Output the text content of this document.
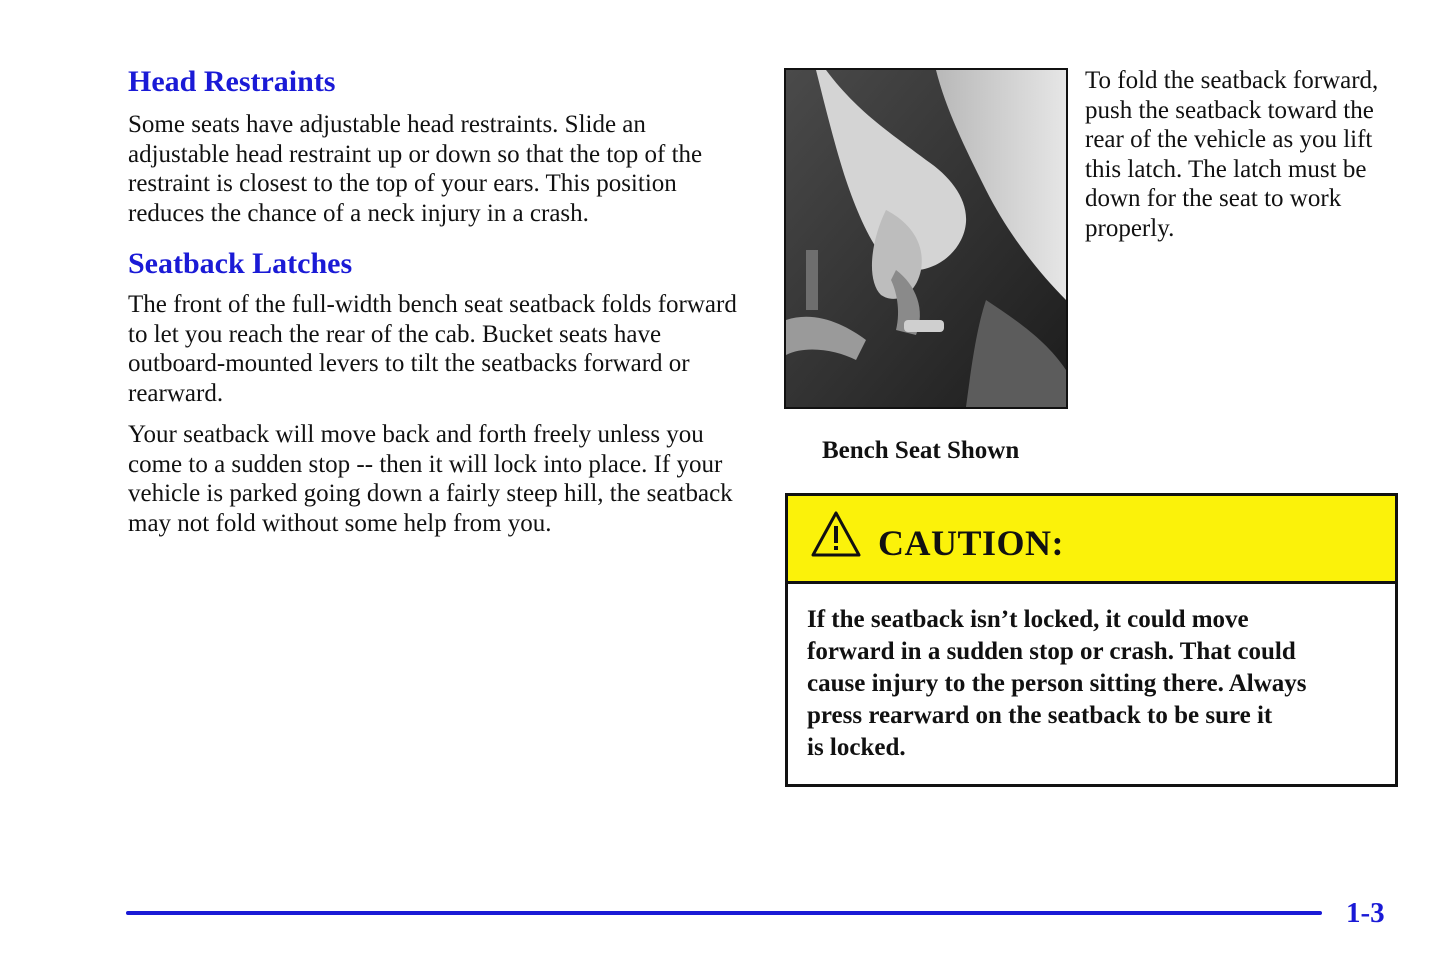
Head Restraints

Some seats have adjustable head restraints. Slide an adjustable head restraint up or down so that the top of the restraint is closest to the top of your ears. This position reduces the chance of a neck injury in a crash.

Seatback Latches

The front of the full-width bench seat seatback folds forward to let you reach the rear of the cab. Bucket seats have outboard-mounted levers to tilt the seatbacks forward or rearward.

Your seatback will move back and forth freely unless you come to a sudden stop -- then it will lock into place. If your vehicle is parked going down a fairly steep hill, the seatback may not fold without some help from you.

To fold the seatback forward, push the seatback toward the rear of the vehicle as you lift this latch. The latch must be down for the seat to work properly.

Bench Seat Shown

CAUTION:

If the seatback isn’t locked, it could move
forward in a sudden stop or crash. That could
cause injury to the person sitting there. Always
press rearward on the seatback to be sure it
is locked.

1-3
